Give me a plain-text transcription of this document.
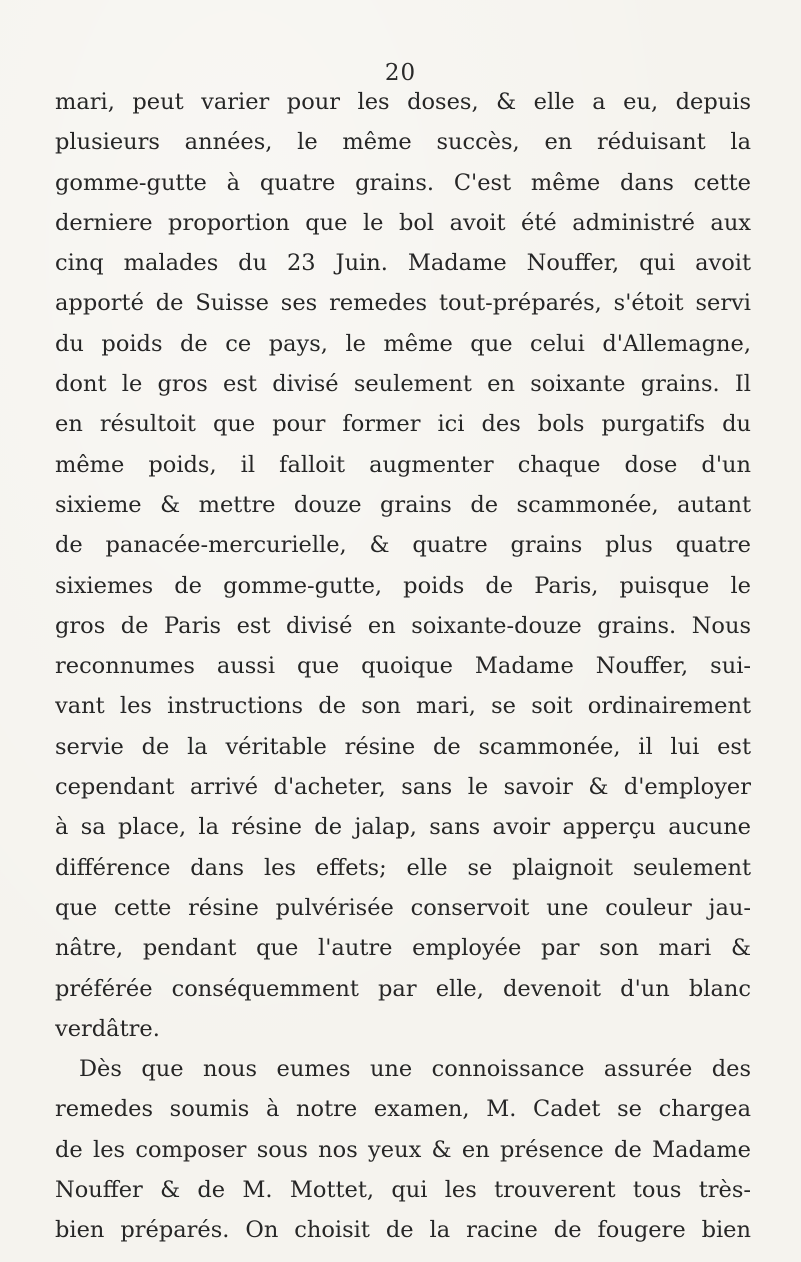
20
mari, peut varier pour les doses, & elle a eu, depuis
plusieurs années, le même succès, en réduisant la
gomme-gutte à quatre grains. C'est même dans cette
derniere proportion que le bol avoit été administré aux
cinq malades du 23 Juin. Madame Nouffer, qui avoit
apporté de Suisse ses remedes tout-préparés, s'étoit servi
du poids de ce pays, le même que celui d'Allemagne,
dont le gros est divisé seulement en soixante grains. Il
en résultoit que pour former ici des bols purgatifs du
même poids, il falloit augmenter chaque dose d'un
sixieme & mettre douze grains de scammonée, autant
de panacée-mercurielle, & quatre grains plus quatre
sixiemes de gomme-gutte, poids de Paris, puisque le
gros de Paris est divisé en soixante-douze grains. Nous
reconnumes aussi que quoique Madame Nouffer, sui-
vant les instructions de son mari, se soit ordinairement
servie de la véritable résine de scammonée, il lui est
cependant arrivé d'acheter, sans le savoir & d'employer
à sa place, la résine de jalap, sans avoir apperçu aucune
différence dans les effets; elle se plaignoit seulement
que cette résine pulvérisée conservoit une couleur jau-
nâtre, pendant que l'autre employée par son mari &
préférée conséquemment par elle, devenoit d'un blanc
verdâtre.
Dès que nous eumes une connoissance assurée des
remedes soumis à notre examen, M. Cadet se chargea
de les composer sous nos yeux & en présence de Madame
Nouffer & de M. Mottet, qui les trouverent tous très-
bien préparés. On choisit de la racine de fougere bien
